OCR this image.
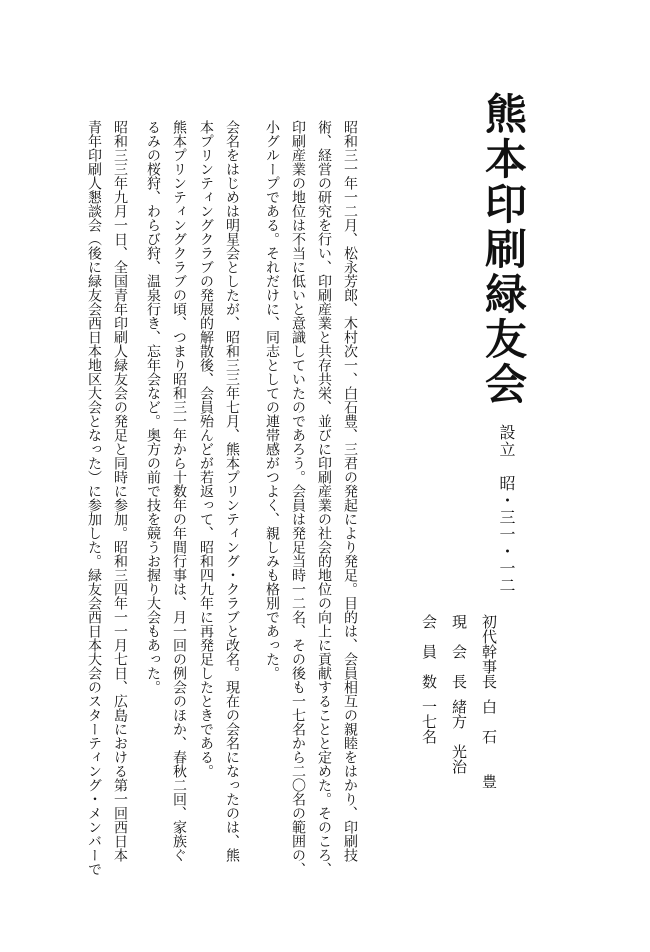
熊本印刷緑友会
設立　昭・三一・一二
初代幹事長白　石　　豊
現　会　長緒方　光治
会　員　数一七名
昭和三一年一二月、松永芳郎、木村次一、白石豊、三君の発起により発足。目的は、会員相互の親睦をはかり、印刷技
術、経営の研究を行い、印刷産業と共存共栄、並びに印刷産業の社会的地位の向上に貢献することと定めた。そのころ、
印刷産業の地位は不当に低いと意識していたのであろう。会員は発足当時一二名、その後も一七名から二〇名の範囲の、
小グループである。それだけに、同志としての連帯感がつよく、親しみも格別であった。
会名をはじめは明星会としたが、昭和三三年七月、熊本プリンティング・クラブと改名。現在の会名になったのは、熊
本プリンティングクラブの発展的解散後、会員殆んどが若返って、昭和四九年に再発足したときである。
熊本プリンティングクラブの頃、つまり昭和三一年から十数年の年間行事は、月一回の例会のほか、春秋二回、家族ぐ
るみの桜狩、わらび狩、温泉行き、忘年会など。奥方の前で技を競うお握り大会もあった。
昭和三三年九月一日、全国青年印刷人緑友会の発足と同時に参加。昭和三四年一一月七日、広島における第一回西日本
青年印刷人懇談会（後に緑友会西日本地区大会となった）に参加した。緑友会西日本大会のスターティング・メンバーで
